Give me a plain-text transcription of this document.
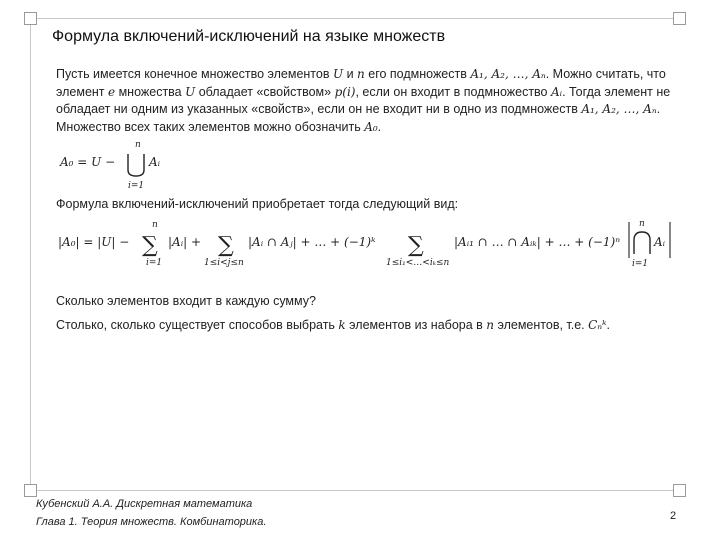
Формула включений-исключений на языке множеств
Пусть имеется конечное множество элементов U и n его подмножеств A₁, A₂, …, Aₙ. Можно считать, что элемент e множества U обладает «свойством» p(i), если он входит в подмножество Aᵢ. Тогда элемент не обладает ни одним из указанных «свойств», если он не входит ни в одно из подмножеств A₁, A₂, …, Aₙ. Множество всех таких элементов можно обозначить A₀.
A₀ = U −
n
i=1
Aᵢ
Формула включений-исключений приобретает тогда следующий вид:
|A₀| = |U| −
n
∑
i=1
|Aᵢ| + ∑
1≤i<j≤n
|Aᵢ ∩ Aⱼ| + … + (−1)ᵏ ∑
1≤i₁<…<iₖ≤n
|Aᵢ₁ ∩ … ∩ Aᵢₖ| + … + (−1)ⁿ
n
i=1
Aᵢ
Сколько элементов входит в каждую сумму?
Столько, сколько существует способов выбрать k элементов из набора в n элементов, т.е. Cₙᵏ.
Кубенский А.А. Дискретная математика
Глава 1. Теория множеств. Комбинаторика.	2
